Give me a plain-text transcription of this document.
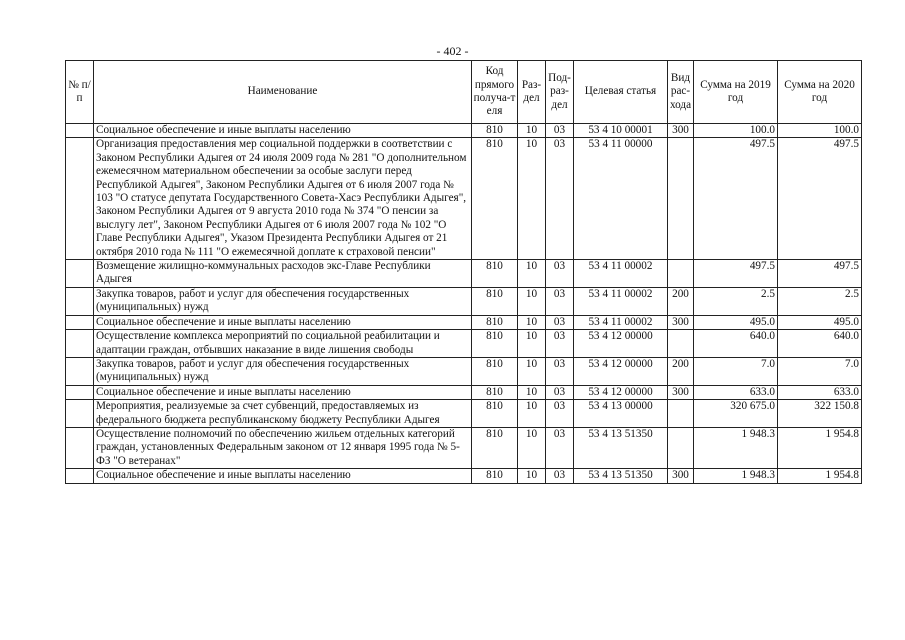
- 402 -
№ п/п	Наименование	Код прямого получа-т еля	Раз- дел	Под- раз- дел	Целевая статья	Вид рас- хода	Сумма на 2019 год	Сумма на 2020 год
	Социальное обеспечение и иные выплаты населению	810	10	03	53 4 10 00001	300	100.0	100.0
	Организация предоставления мер социальной поддержки в соответствии с Законом Республики Адыгея от 24 июля 2009 года № 281 "О дополнительном ежемесячном материальном обеспечении за особые заслуги перед Республикой Адыгея", Законом Республики Адыгея от 6 июля 2007 года № 103 "О статусе депутата Государственного Совета-Хасэ Республики Адыгея", Законом Республики Адыгея от 9 августа 2010 года № 374 "О пенсии за выслугу лет", Законом Республики Адыгея от 6 июля 2007 года № 102 "О Главе Республики Адыгея", Указом Президента Республики Адыгея от 21 октября 2010 года № 111 "О ежемесячной доплате к страховой пенсии"	810	10	03	53 4 11 00000		497.5	497.5
	Возмещение жилищно-коммунальных расходов экс-Главе Республики Адыгея	810	10	03	53 4 11 00002		497.5	497.5
	Закупка товаров, работ и услуг для обеспечения государственных (муниципальных) нужд	810	10	03	53 4 11 00002	200	2.5	2.5
	Социальное обеспечение и иные выплаты населению	810	10	03	53 4 11 00002	300	495.0	495.0
	Осуществление комплекса мероприятий по социальной реабилитации и адаптации граждан, отбывших наказание в виде лишения свободы	810	10	03	53 4 12 00000		640.0	640.0
	Закупка товаров, работ и услуг для обеспечения государственных (муниципальных) нужд	810	10	03	53 4 12 00000	200	7.0	7.0
	Социальное обеспечение и иные выплаты населению	810	10	03	53 4 12 00000	300	633.0	633.0
	Мероприятия, реализуемые за счет субвенций, предоставляемых из федерального бюджета республиканскому бюджету Республики Адыгея	810	10	03	53 4 13 00000		320 675.0	322 150.8
	Осуществление полномочий по обеспечению жильем отдельных категорий граждан, установленных Федеральным законом от 12 января 1995 года № 5-ФЗ "О ветеранах"	810	10	03	53 4 13 51350		1 948.3	1 954.8
	Социальное обеспечение и иные выплаты населению	810	10	03	53 4 13 51350	300	1 948.3	1 954.8
